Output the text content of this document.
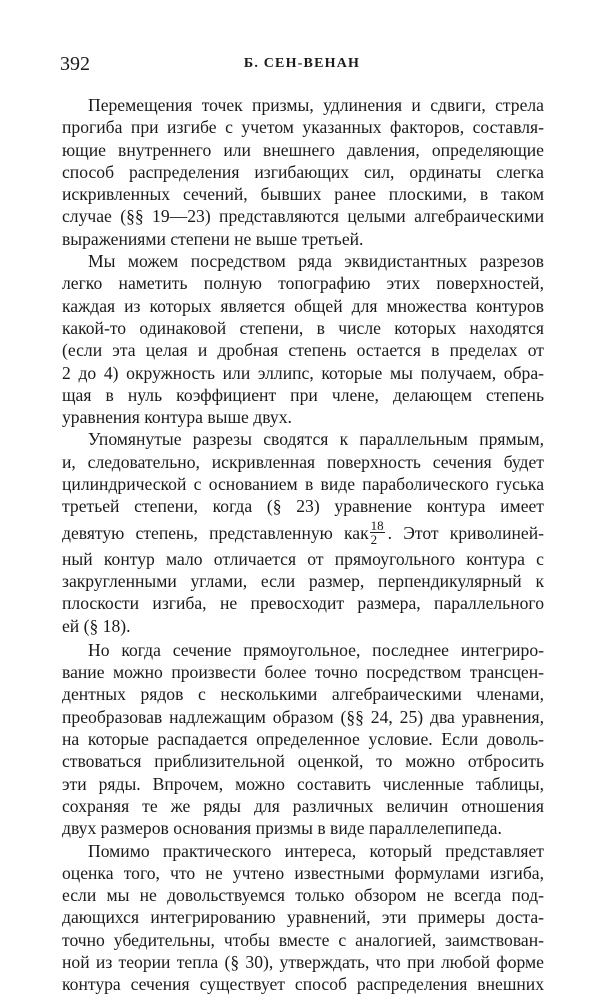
392	Б. СЕН-ВЕНАН
Перемещения точек призмы, удлинения и сдвиги, стрела
прогиба при изгибе с учетом указанных факторов, составля-
ющие внутреннего или внешнего давления, определяющие
способ распределения изгибающих сил, ординаты слегка
искривленных сечений, бывших ранее плоскими, в таком
случае (§§ 19—23) представляются целыми алгебраическими
выражениями степени не выше третьей.
Мы можем посредством ряда эквидистантных разрезов
легко наметить полную топографию этих поверхностей,
каждая из которых является общей для множества контуров
какой-то одинаковой степени, в числе которых находятся
(если эта целая и дробная степень остается в пределах от
2 до 4) окружность или эллипс, которые мы получаем, обра-
щая в нуль коэффициент при члене, делающем степень
уравнения контура выше двух.
Упомянутые разрезы сводятся к параллельным прямым,
и, следовательно, искривленная поверхность сечения будет
цилиндрической с основанием в виде параболического гуська
третьей степени, когда (§ 23) уравнение контура имеет
девятую степень, представленную как $\frac{18}{2}$ . Этот криволиней-
ный контур мало отличается от прямоугольного контура с
закругленными углами, если размер, перпендикулярный к
плоскости изгиба, не превосходит размера, параллельного
ей (§ 18).
Но когда сечение прямоугольное, последнее интегриро-
вание можно произвести более точно посредством трансцен-
дентных рядов с несколькими алгебраическими членами,
преобразовав надлежащим образом (§§ 24, 25) два уравнения,
на которые распадается определенное условие. Если доволь-
ствоваться приблизительной оценкой, то можно отбросить
эти ряды. Впрочем, можно составить численные таблицы,
сохраняя те же ряды для различных величин отношения
двух размеров основания призмы в виде параллелепипеда.
Помимо практического интереса, который представляет
оценка того, что не учтено известными формулами изгиба,
если мы не довольствуемся только обзором не всегда под-
дающихся интегрированию уравнений, эти примеры доста-
точно убедительны, чтобы вместе с аналогией, заимствован-
ной из теории тепла (§ 30), утверждать, что при любой форме
контура сечения существует способ распределения внешних
